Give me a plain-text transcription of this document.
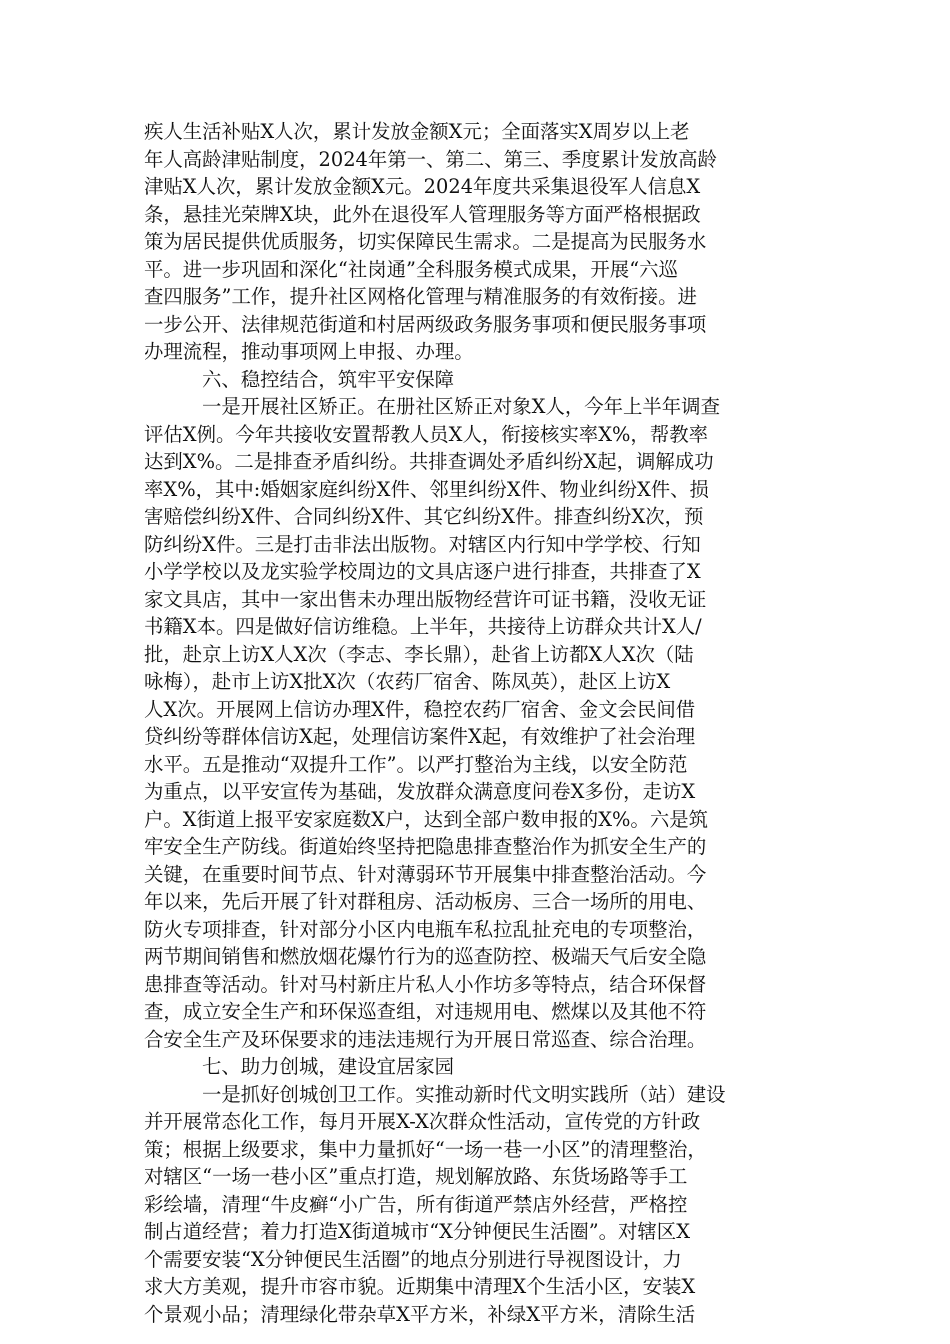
疾人生活补贴X人次，累计发放金额X元；全面落实X周岁以上老
年人高龄津贴制度，2024年第一、第二、第三、季度累计发放高龄
津贴X人次，累计发放金额X元。2024年度共采集退役军人信息X
条，悬挂光荣牌X块，此外在退役军人管理服务等方面严格根据政
策为居民提供优质服务，切实保障民生需求。二是提高为民服务水
平。进一步巩固和深化“社岗通”全科服务模式成果，开展“六巡
查四服务”工作，提升社区网格化管理与精准服务的有效衔接。进
一步公开、法律规范街道和村居两级政务服务事项和便民服务事项
办理流程，推动事项网上申报、办理。
六、稳控结合，筑牢平安保障
一是开展社区矫正。在册社区矫正对象X人，今年上半年调查
评估X例。今年共接收安置帮教人员X人，衔接核实率X%，帮教率
达到X%。二是排查矛盾纠纷。共排查调处矛盾纠纷X起，调解成功
率X%，其中:婚姻家庭纠纷X件、邻里纠纷X件、物业纠纷X件、损
害赔偿纠纷X件、合同纠纷X件、其它纠纷X件。排查纠纷X次，预
防纠纷X件。三是打击非法出版物。对辖区内行知中学学校、行知
小学学校以及龙实验学校周边的文具店逐户进行排查，共排查了X
家文具店，其中一家出售未办理出版物经营许可证书籍，没收无证
书籍X本。四是做好信访维稳。上半年，共接待上访群众共计X人/
批，赴京上访X人X次（李志、李长鼎），赴省上访都X人X次（陆
咏梅），赴市上访X批X次（农药厂宿舍、陈凤英），赴区上访X
人X次。开展网上信访办理X件，稳控农药厂宿舍、金文会民间借
贷纠纷等群体信访X起，处理信访案件X起，有效维护了社会治理
水平。五是推动“双提升工作”。以严打整治为主线，以安全防范
为重点，以平安宣传为基础，发放群众满意度问卷X多份，走访X
户。X街道上报平安家庭数X户，达到全部户数申报的X%。六是筑
牢安全生产防线。街道始终坚持把隐患排查整治作为抓安全生产的
关键，在重要时间节点、针对薄弱环节开展集中排查整治活动。今
年以来，先后开展了针对群租房、活动板房、三合一场所的用电、
防火专项排查，针对部分小区内电瓶车私拉乱扯充电的专项整治，
两节期间销售和燃放烟花爆竹行为的巡查防控、极端天气后安全隐
患排查等活动。针对马村新庄片私人小作坊多等特点，结合环保督
查，成立安全生产和环保巡查组，对违规用电、燃煤以及其他不符
合安全生产及环保要求的违法违规行为开展日常巡查、综合治理。
七、助力创城，建设宜居家园
一是抓好创城创卫工作。实推动新时代文明实践所（站）建设
并开展常态化工作，每月开展X-X次群众性活动，宣传党的方针政
策；根据上级要求，集中力量抓好“一场一巷一小区”的清理整治，
对辖区“一场一巷小区”重点打造，规划解放路、东货场路等手工
彩绘墙，清理“牛皮癣“小广告，所有街道严禁店外经营，严格控
制占道经营；着力打造X街道城市“X分钟便民生活圈”。对辖区X
个需要安装“X分钟便民生活圈”的地点分别进行导视图设计，力
求大方美观，提升市容市貌。近期集中清理X个生活小区，安装X
个景观小品；清理绿化带杂草X平方米，补绿X平方米，清除生活
